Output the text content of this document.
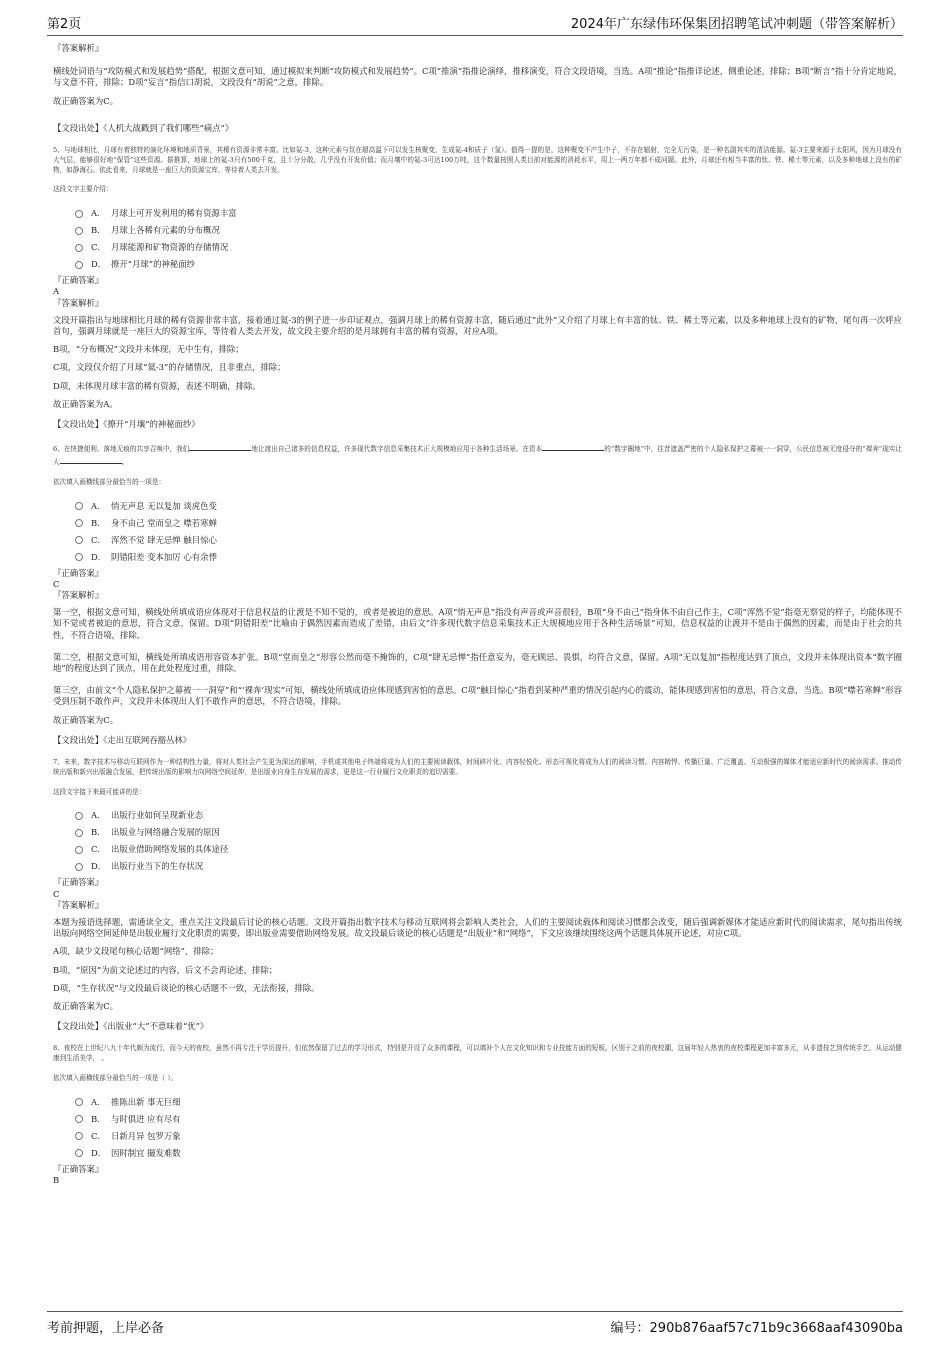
第2页	2024年广东绿伟环保集团招聘笔试冲刺题（带答案解析）

『答案解析』

横线处词语与“攻防模式和发展趋势”搭配，根据文意可知，通过模拟来判断“攻防模式和发展趋势”。C项“推演”指推论演绎，推移演变，符合文段语境，当选。A项“推论”指推详论述，侧重论述，排除；B项“断言”指十分肯定地说，与文意不符，排除；D项“妄言”指信口胡说，文段没有“胡说”之意，排除。

故正确答案为C。

【文段出处】《人机大战戳到了我们哪些“痛点”》

5、与地球相比，月球有着独特的演化环境和地质背景，其稀有资源非常丰富。比如氦-3，这种元素与氘在超高温下可以发生核聚变，生成氦-4和质子（氢）。值得一提的是，这种聚变不产生中子，不存在辐射，完全无污染，是一种名副其实的清洁能源。氦-3主要来源于太阳风，因为月球没有大气层，能够很好地“保管”这些资源。据推算，地球上的氦-3只有500千克，且十分分散，几乎没有开发价值；而月壤中的氦-3可达100万吨，这个数量按照人类目前对能源的消耗水平，用上一两万年都不成问题。此外，月球还有相当丰富的钛、铁、稀土等元素，以及多种地球上没有的矿物，如静海石。依此看来，月球就是一座巨大的资源宝库，等待着人类去开发。

这段文字主要介绍：

A． 月球上可开发利用的稀有资源丰富
B． 月球上各稀有元素的分布概况
C． 月球能源和矿物资源的存储情况
D． 撩开“月球”的神秘面纱

『正确答案』

A

『答案解析』

文段开篇指出与地球相比月球的稀有资源非常丰富，接着通过氦-3的例子进一步印证观点，强调月球上的稀有资源丰富，随后通过“此外”又介绍了月球上有丰富的钛、铁、稀土等元素，以及多种地球上没有的矿物，尾句再一次呼应首句，强调月球就是一座巨大的资源宝库，等待着人类去开发，故文段主要介绍的是月球拥有丰富的稀有资源，对应A项。

B项，“分布概况”文段并未体现，无中生有，排除；

C项，文段仅介绍了月球“氦-3”的存储情况，且非重点，排除；

D项，未体现月球丰富的稀有资源，表述不明确，排除。

故正确答案为A。

【文段出处】《撩开“月壤”的神秘面纱》

6、在快捷便利、落地无痕的共享召唤中，我们	地让渡出自己诸多的信息权益，许多现代数字信息采集技术正大规模地应用于各种生活场景。在资本	的“数字圈地”中，往昔遮盖严密的个人隐私保护之幕被一一洞穿，公民信息被无度侵夺的“裸奔”现实让人	。

依次填入画横线部分最恰当的一项是：

A． 悄无声息 无以复加 谈虎色变
B． 身不由己 堂而皇之 噤若寒蝉
C． 浑然不觉 肆无忌惮 触目惊心
D． 阴错阳差 变本加厉 心有余悸

『正确答案』

C

『答案解析』

第一空，根据文意可知，横线处所填成语应体现对于信息权益的让渡是不知不觉的，或者是被迫的意思。A项“悄无声息”指没有声音或声音很轻，B项“身不由己”指身体不由自己作主，C项“浑然不觉”指毫无察觉的样子，均能体现不知不觉或者被迫的意思，符合文意，保留。D项“阴错阳差”比喻由于偶然因素而造成了差错，由后文“许多现代数字信息采集技术正大规模地应用于各种生活场景”可知，信息权益的让渡并不是由于偶然的因素，而是由于社会的共性，不符合语境，排除。

第二空，根据文意可知，横线处所填成语形容资本扩张。B项“堂而皇之”形容公然而毫不掩饰的，C项“肆无忌惮”指任意妄为，毫无顾忌、畏惧，均符合文意，保留。A项“无以复加”指程度达到了顶点，文段并未体现出资本“数字圈地”的程度达到了顶点，用在此处程度过重，排除。

第三空，由前文“个人隐私保护之幕被一一洞穿”和“‘裸奔’现实”可知，横线处所填成语应体现感到害怕的意思。C项“触目惊心”指看到某种严重的情况引起内心的震动，能体现感到害怕的意思，符合文意，当选。B项“噤若寒蝉”形容受到压制不敢作声，文段并未体现出人们不敢作声的意思，不符合语境，排除。

故正确答案为C。

【文段出处】《走出互联网吞豁丛林》

7、未来，数字技术与移动互联网作为一种结构性力量，将对人类社会产生更为深远的影响，手机或其他电子终端将成为人们的主要阅读载体，时间碎片化、内容轻悦化、形态可视化将成为人们的阅读习惯。内容精悍、传播巨量、广泛覆盖、互动极强的媒体才能适应新时代的阅读需求。推动传统出版和新兴出版融合发展，把传统出版的影响力向网络空间延伸，是出版业自身生存发展的需求，更是这一行业履行文化职责的追切需要。

这段文字接下来最可能讲的是：

A． 出版行业如何呈现新业态
B． 出版业与网络融合发展的原因
C． 出版业借助网络发展的具体途径
D． 出版行业当下的生存状况

『正确答案』

C

『答案解析』

本题为接语选择题，需通读全文，重点关注文段最后讨论的核心话题。文段开篇指出数字技术与移动互联网将会影响人类社会，人们的主要阅读载体和阅读习惯都会改变，随后强调新媒体才能适应新时代的阅读需求，尾句指出传统出版向网络空间延伸是出版业履行文化职责的需要，即出版业需要借助网络发展。故文段最后谈论的核心话题是“出版业”和“网络”，下文应该继续围绕这两个话题具体展开论述，对应C项。

A项，缺少文段尾句核心话题“网络”，排除；

B项，“原因”为前文论述过的内容，后文不会再论述，排除；

D项，“生存状况”与文段最后谈论的核心话题不一致，无法衔接，排除。

故正确答案为C。

【文段出处】《出版业“大”不意味着“优”》

8、夜校在上世纪八九十年代颇为流行，而今天的夜校，虽然不再专注于学历提升，但依然保留了过去的学习形式，特别是开设了众多的课程，可以填补个人在文化知识和专业技能方面的短板。区别于之前的夜校潮，这届年轻人热衷的夜校课程更加丰富多元，从非遗技艺到传统手艺，从运动健康到生活美学， 。

依次填入画横线部分最恰当的一项是（ ）。

A． 推陈出新 事无巨细
B． 与时俱进 应有尽有
C． 日新月异 包罗万象
D． 因时制宜 撮发难数

『正确答案』

B

考前押题，上岸必备	编号：290b876aaf57c71b9c3668aaf43090ba
